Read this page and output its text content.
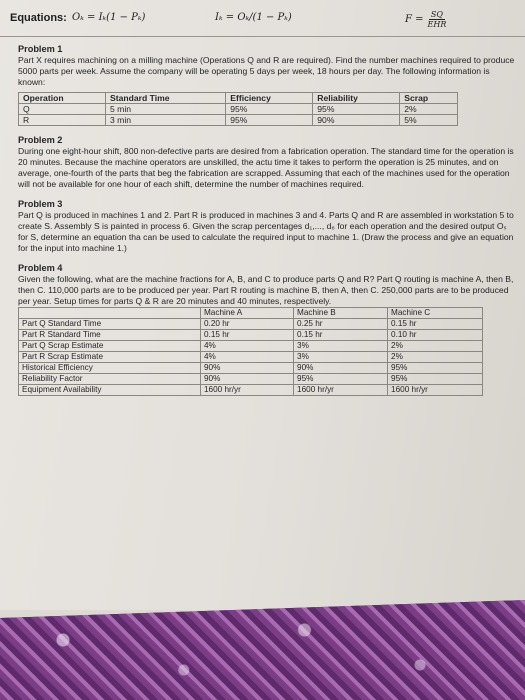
Equations: Oₖ = Iₖ(1 − Pₖ)	Iₖ = Oₖ/(1 − Pₖ)	$F = \frac{SQ}{\text{EHR}}$

Problem 1

Part X requires machining on a milling machine (Operations Q and R are required). Find the number machines required to produce 5000 parts per week. Assume the company will be operating 5 days per week, 18 hours per day. The following information is known:

Operation	Standard Time	Efficiency	Reliability	Scrap
Q	5 min	95%	95%	2%
R	3 min	95%	90%	5%

Problem 2

During one eight-hour shift, 800 non-defective parts are desired from a fabrication operation. The standard time for the operation is 20 minutes. Because the machine operators are unskilled, the actu time it takes to perform the operation is 25 minutes, and on average, one-fourth of the parts that beg the fabrication are scrapped. Assuming that each of the machines used for the operation will not be available for one hour of each shift, determine the number of machines required.

Problem 3

Part Q is produced in machines 1 and 2. Part R is produced in machines 3 and 4. Parts Q and R are assembled in workstation 5 to create S. Assembly S is painted in process 6. Given the scrap percentages d₁,..., d₆ for each operation and the desired output Oₛ for S, determine an equation tha can be used to calculate the required input to machine 1. (Draw the process and give an equation for the input into machine 1.)

Problem 4

Given the following, what are the machine fractions for A, B, and C to produce parts Q and R? Part Q routing is machine A, then B, then C. 110,000 parts are to be produced per year. Part R routing is machine B, then A, then C. 250,000 parts are to be produced per year. Setup times for parts Q & R are 20 minutes and 40 minutes, respectively.

	Machine A	Machine B	Machine C
Part Q Standard Time	0.20 hr	0.25 hr	0.15 hr
Part R Standard Time	0.15 hr	0.15 hr	0.10 hr
Part Q Scrap Estimate	4%	3%	2%
Part R Scrap Estimate	4%	3%	2%
Historical Efficiency	90%	90%	95%
Reliability Factor	90%	95%	95%
Equipment Availability	1600 hr/yr	1600 hr/yr	1600 hr/yr
